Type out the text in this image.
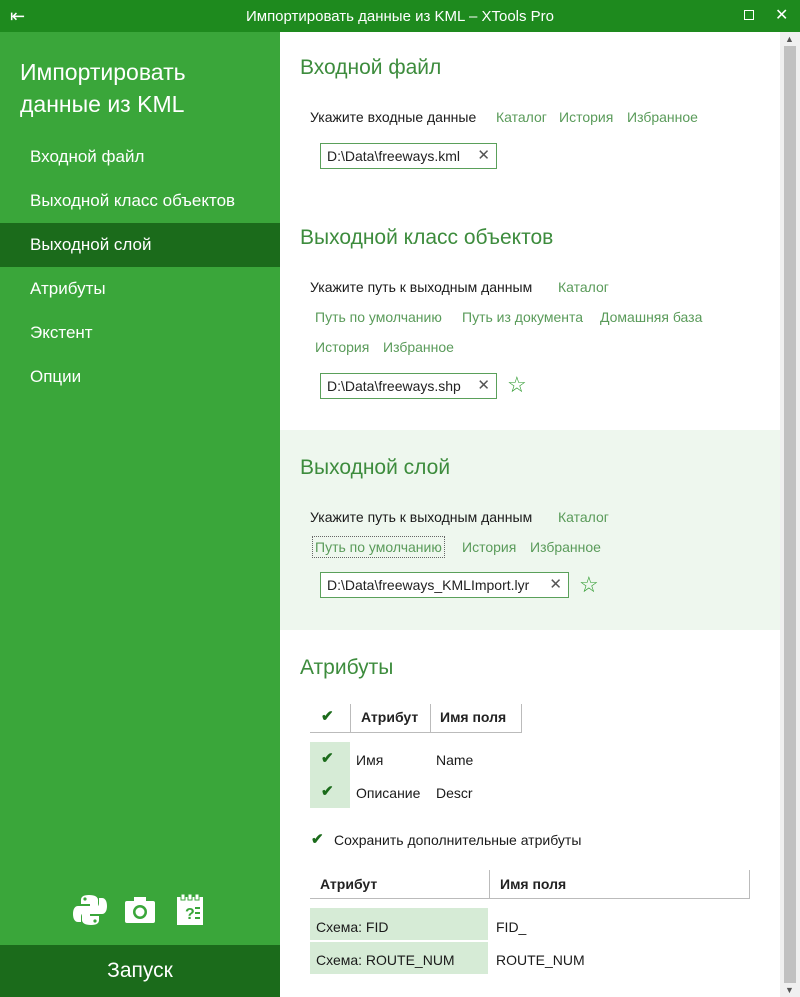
⇤	Импортировать данные из KML – XTools Pro	✕
Импортировать данные из KML
Входной файл
Выходной класс объектов
Выходной слой
Атрибуты
Экстент
Опции
?
Запуск
Входной файл
Укажите входные данные Каталог История Избранное
D:\Data\freeways.kml ✕
Выходной класс объектов
Укажите путь к выходным данным Каталог
Путь по умолчанию Путь из документа Домашняя база
История Избранное
D:\Data\freeways.shp ✕ ☆
Выходной слой
Укажите путь к выходным данным Каталог
Путь по умолчанию История Избранное
D:\Data\freeways_KMLImport.lyr ✕ ☆
Атрибуты
✔ Атрибут Имя поля
✔ Имя	Name
✔ Описание Descr
✔ Сохранить дополнительные атрибуты
Атрибут	Имя поля
Схема: FID	FID_
Схема: ROUTE_NUM	ROUTE_NUM
▲
▼
